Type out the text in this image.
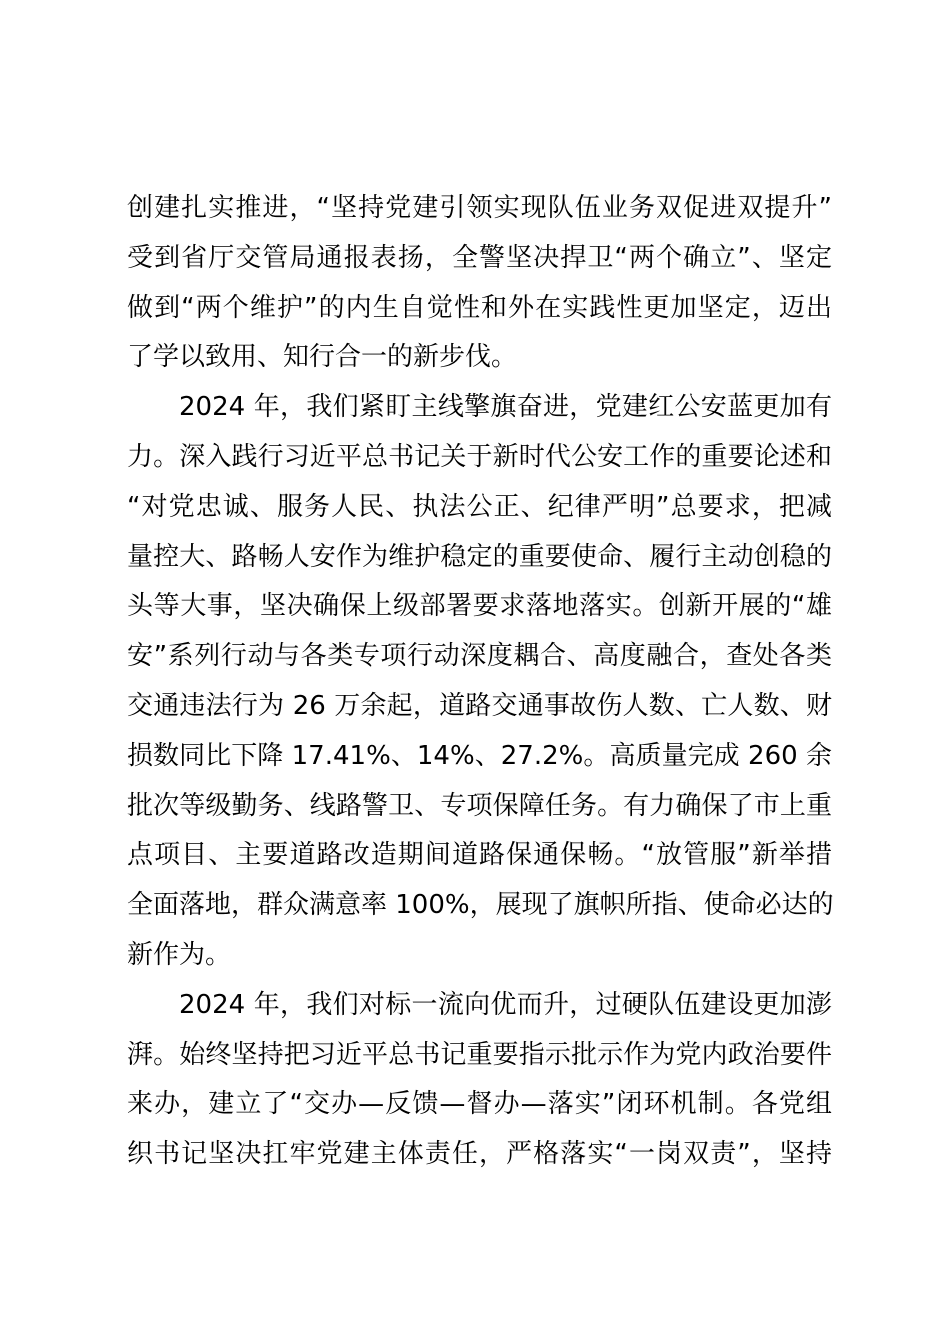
创建扎实推进，“坚持党建引领实现队伍业务双促进双提升”
受到省厅交管局通报表扬，全警坚决捍卫“两个确立”、坚定
做到“两个维护”的内生自觉性和外在实践性更加坚定，迈出
了学以致用、知行合一的新步伐。
2024 年，我们紧盯主线擎旗奋进，党建红公安蓝更加有
力。深入践行习近平总书记关于新时代公安工作的重要论述和
“对党忠诚、服务人民、执法公正、纪律严明”总要求，把减
量控大、路畅人安作为维护稳定的重要使命、履行主动创稳的
头等大事，坚决确保上级部署要求落地落实。创新开展的“雄
安”系列行动与各类专项行动深度耦合、高度融合，查处各类
交通违法行为 26 万余起，道路交通事故伤人数、亡人数、财
损数同比下降 17.41%、14%、27.2%。高质量完成 260 余
批次等级勤务、线路警卫、专项保障任务。有力确保了市上重
点项目、主要道路改造期间道路保通保畅。“放管服”新举措
全面落地，群众满意率 100%，展现了旗帜所指、使命必达的
新作为。
2024 年，我们对标一流向优而升，过硬队伍建设更加澎
湃。始终坚持把习近平总书记重要指示批示作为党内政治要件
来办，建立了“交办—反馈—督办—落实”闭环机制。各党组
织书记坚决扛牢党建主体责任，严格落实“一岗双责”，坚持
